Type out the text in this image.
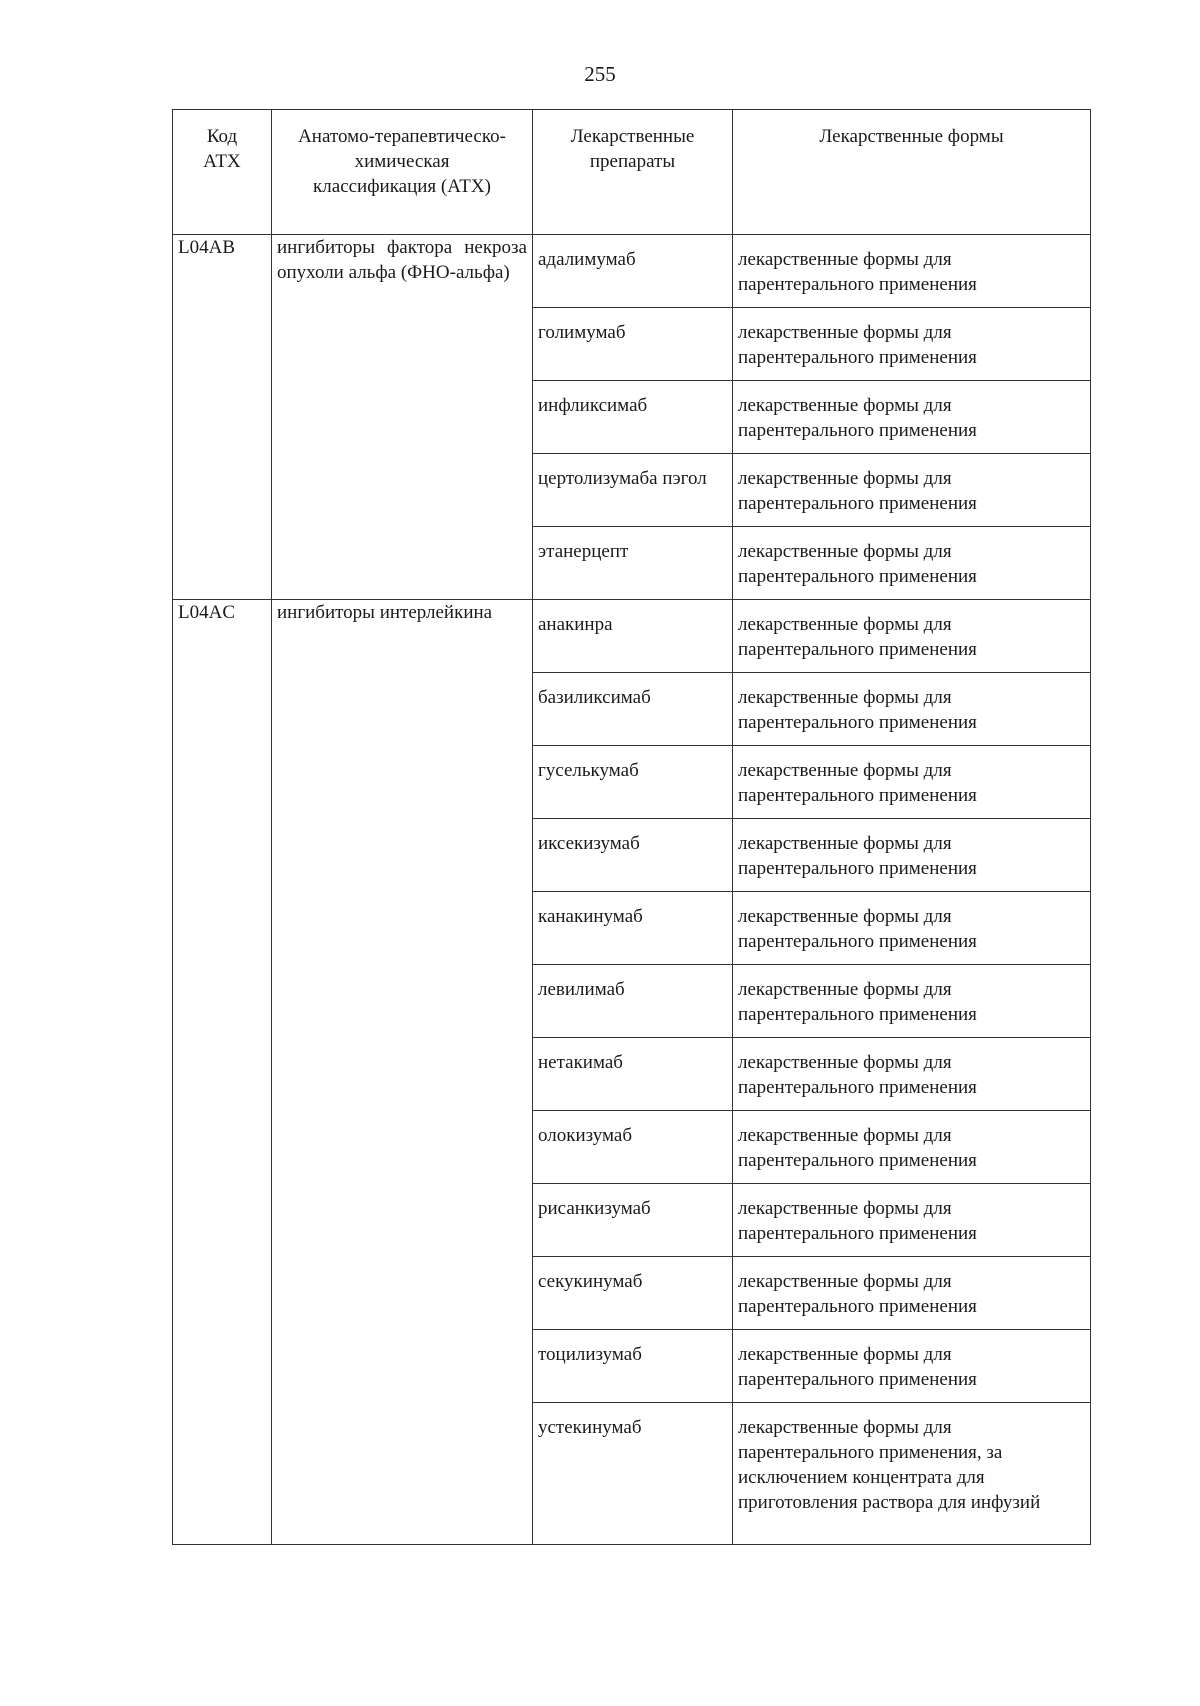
255
Код АТХ	Анатомо-терапевтическо-химическая классификация (АТХ)	Лекарственные препараты	Лекарственные формы
L04AB	ингибиторы фактора некроза опухоли альфа (ФНО-альфа)	адалимумаб	лекарственные формы для парентерального применения
		голимумаб	лекарственные формы для парентерального применения
		инфликсимаб	лекарственные формы для парентерального применения
		цертолизумаба пэгол	лекарственные формы для парентерального применения
		этанерцепт	лекарственные формы для парентерального применения
L04AC	ингибиторы интерлейкина	анакинра	лекарственные формы для парентерального применения
		базиликсимаб	лекарственные формы для парентерального применения
		гуселькумаб	лекарственные формы для парентерального применения
		иксекизумаб	лекарственные формы для парентерального применения
		канакинумаб	лекарственные формы для парентерального применения
		левилимаб	лекарственные формы для парентерального применения
		нетакимаб	лекарственные формы для парентерального применения
		олокизумаб	лекарственные формы для парентерального применения
		рисанкизумаб	лекарственные формы для парентерального применения
		секукинумаб	лекарственные формы для парентерального применения
		тоцилизумаб	лекарственные формы для парентерального применения
		устекинумаб	лекарственные формы для парентерального применения, за исключением концентрата для приготовления раствора для инфузий
